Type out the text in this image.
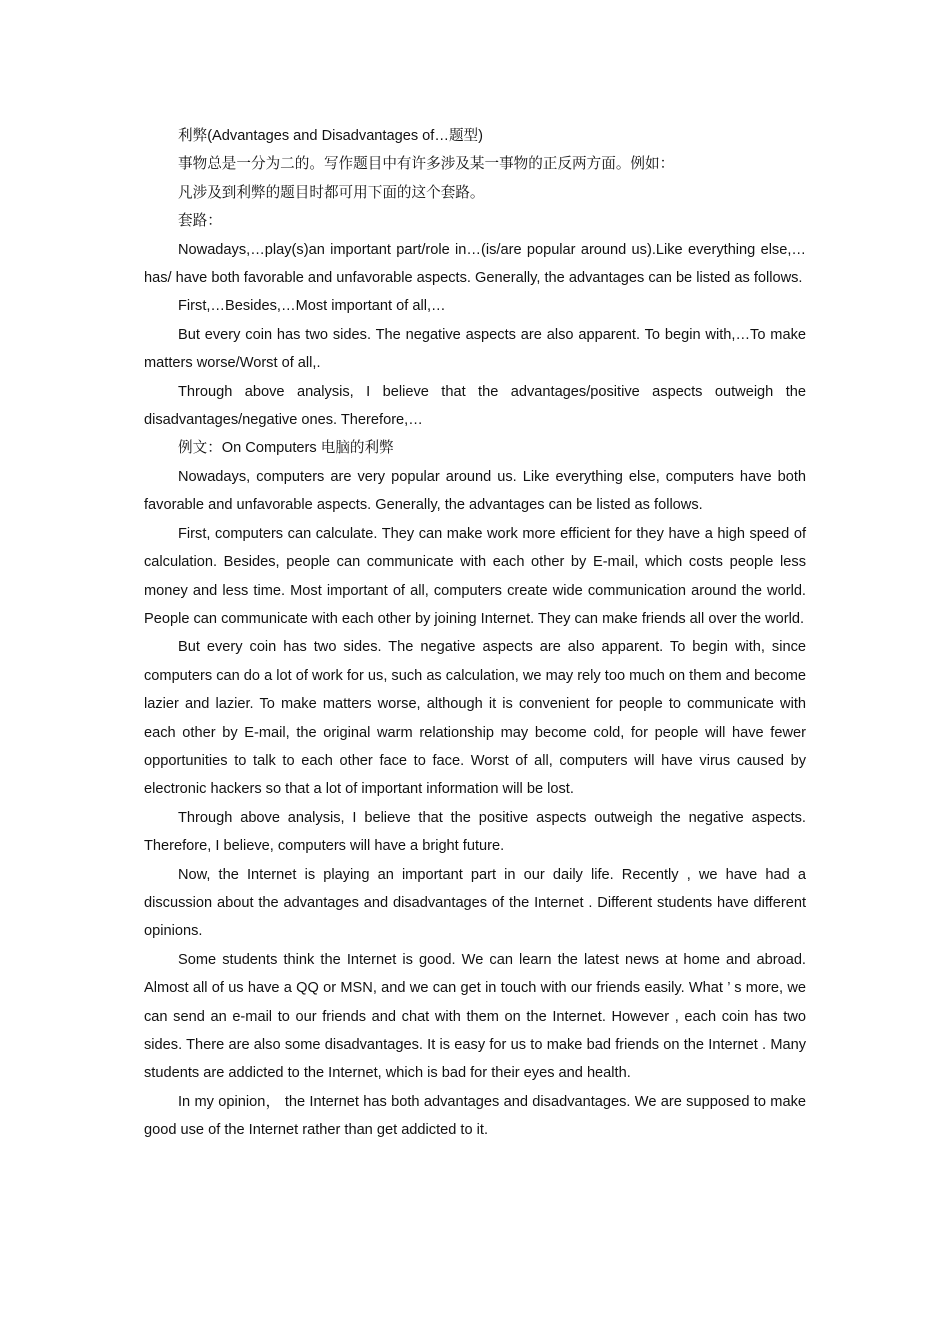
利弊(Advantages and Disadvantages of…题型)

事物总是一分为二的。写作题目中有许多涉及某一事物的正反两方面。例如：

凡涉及到利弊的题目时都可用下面的这个套路。

套路：

Nowadays,…play(s)an important part/role in…(is/are popular around us).Like everything else,… has/ have both favorable and unfavorable aspects. Generally, the advantages can be listed as follows.

First,…Besides,…Most important of all,…

But every coin has two sides. The negative aspects are also apparent. To begin with,…To make matters worse/Worst of all,.

Through above analysis, I believe that the advantages/positive aspects outweigh the disadvantages/negative ones. Therefore,…

例文：On Computers 电脑的利弊

Nowadays, computers are very popular around us. Like everything else, computers have both favorable and unfavorable aspects. Generally, the advantages can be listed as follows.

First, computers can calculate. They can make work more efficient for they have a high speed of calculation. Besides, people can communicate with each other by E-mail, which costs people less money and less time. Most important of all, computers create wide communication around the world. People can communicate with each other by joining Internet. They can make friends all over the world.

But every coin has two sides. The negative aspects are also apparent. To begin with, since computers can do a lot of work for us, such as calculation, we may rely too much on them and become lazier and lazier. To make matters worse, although it is convenient for people to communicate with each other by E-mail, the original warm relationship may become cold, for people will have fewer opportunities to talk to each other face to face. Worst of all, computers will have virus caused by electronic hackers so that a lot of important information will be lost.

Through above analysis, I believe that the positive aspects outweigh the negative aspects. Therefore, I believe, computers will have a bright future.

Now, the Internet is playing an important part in our daily life. Recently , we have had a discussion about the advantages and disadvantages of the Internet . Different students have different opinions.

Some students think the Internet is good. We can learn the latest news at home and abroad. Almost all of us have a QQ or MSN, and we can get in touch with our friends easily. What ’ s more, we can send an e-mail to our friends and chat with them on the Internet. However , each coin has two sides. There are also some disadvantages. It is easy for us to make bad friends on the Internet . Many students are addicted to the Internet, which is bad for their eyes and health.

In my opinion， the Internet has both advantages and disadvantages. We are supposed to make good use of the Internet rather than get addicted to it.
